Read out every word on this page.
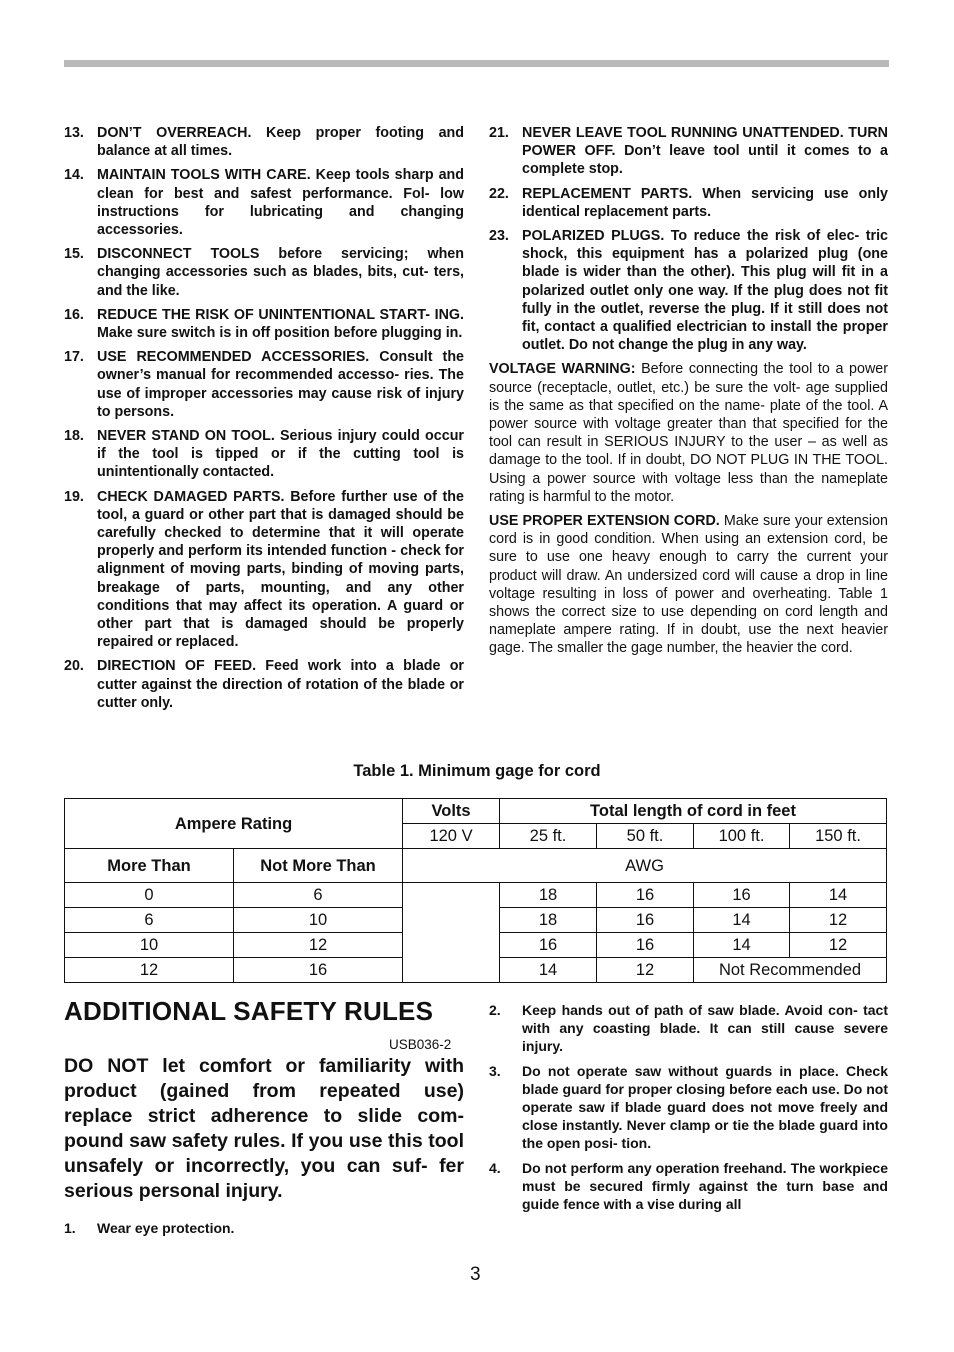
13. DON’T OVERREACH. Keep proper footing and balance at all times.
14. MAINTAIN TOOLS WITH CARE. Keep tools sharp and clean for best and safest performance. Fol- low instructions for lubricating and changing accessories.
15. DISCONNECT TOOLS before servicing; when changing accessories such as blades, bits, cut- ters, and the like.
16. REDUCE THE RISK OF UNINTENTIONAL START- ING. Make sure switch is in off position before plugging in.
17. USE RECOMMENDED ACCESSORIES. Consult the owner’s manual for recommended accesso- ries. The use of improper accessories may cause risk of injury to persons.
18. NEVER STAND ON TOOL. Serious injury could occur if the tool is tipped or if the cutting tool is unintentionally contacted.
19. CHECK DAMAGED PARTS. Before further use of the tool, a guard or other part that is damaged should be carefully checked to determine that it will operate properly and perform its intended function - check for alignment of moving parts, binding of moving parts, breakage of parts, mounting, and any other conditions that may affect its operation. A guard or other part that is damaged should be properly repaired or replaced.
20. DIRECTION OF FEED. Feed work into a blade or cutter against the direction of rotation of the blade or cutter only.
21. NEVER LEAVE TOOL RUNNING UNATTENDED. TURN POWER OFF. Don’t leave tool until it comes to a complete stop.
22. REPLACEMENT PARTS. When servicing use only identical replacement parts.
23. POLARIZED PLUGS. To reduce the risk of elec- tric shock, this equipment has a polarized plug (one blade is wider than the other). This plug will fit in a polarized outlet only one way. If the plug does not fit fully in the outlet, reverse the plug. If it still does not fit, contact a qualified electrician to install the proper outlet. Do not change the plug in any way.

VOLTAGE WARNING: Before connecting the tool to a power source (receptacle, outlet, etc.) be sure the volt- age supplied is the same as that specified on the name- plate of the tool. A power source with voltage greater than that specified for the tool can result in SERIOUS INJURY to the user – as well as damage to the tool. If in doubt, DO NOT PLUG IN THE TOOL. Using a power source with voltage less than the nameplate rating is harmful to the motor.

USE PROPER EXTENSION CORD. Make sure your extension cord is in good condition. When using an extension cord, be sure to use one heavy enough to carry the current your product will draw. An undersized cord will cause a drop in line voltage resulting in loss of power and overheating. Table 1 shows the correct size to use depending on cord length and nameplate ampere rating. If in doubt, use the next heavier gage. The smaller the gage number, the heavier the cord.

Table 1. Minimum gage for cord
Ampere Rating		Volts	Total length of cord in feet			
		120 V	25 ft.	50 ft.	100 ft.	150 ft.
More Than	Not More Than	AWG				
0	6		18	16	16	14
6	10		18	16	14	12
10	12		16	16	14	12
12	16		14	12	Not Recommended	
ADDITIONAL SAFETY RULES
USB036-2
DO NOT let comfort or familiarity with product (gained from repeated use) replace strict adherence to slide com- pound saw safety rules. If you use this tool unsafely or incorrectly, you can suf- fer serious personal injury.
1.	Wear eye protection.
2.	Keep hands out of path of saw blade. Avoid con- tact with any coasting blade. It can still cause severe injury.
3.	Do not operate saw without guards in place. Check blade guard for proper closing before each use. Do not operate saw if blade guard does not move freely and close instantly. Never clamp or tie the blade guard into the open posi- tion.
4.	Do not perform any operation freehand. The workpiece must be secured firmly against the turn base and guide fence with a vise during all
3
